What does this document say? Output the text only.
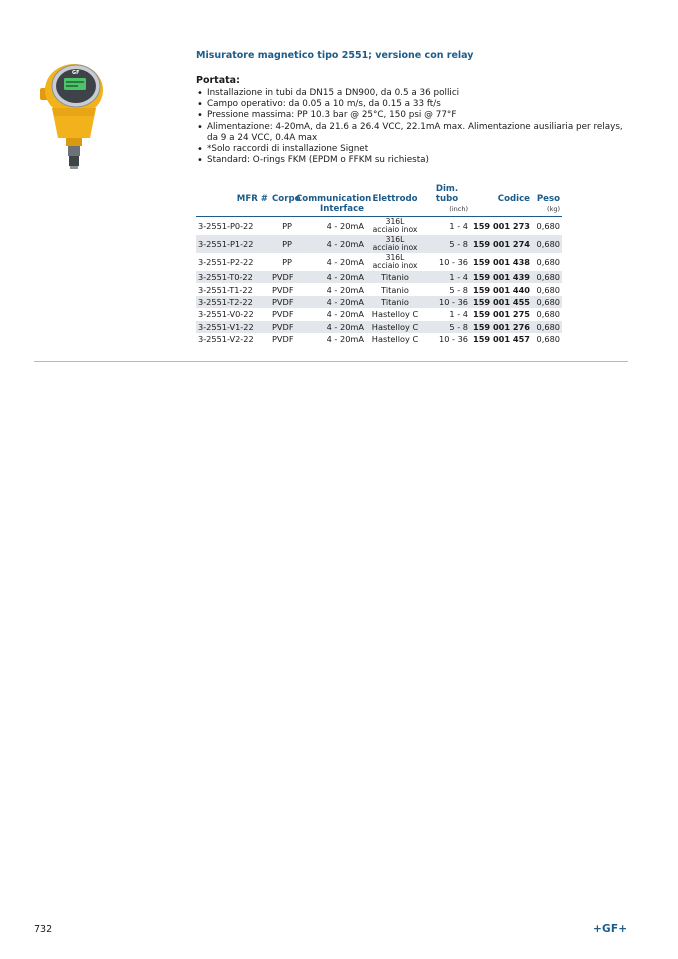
GF
Misuratore magnetico tipo 2551; versione con relay
Portata:
• Installazione in tubi da DN15 a DN900, da 0.5 a 36 pollici
• Campo operativo: da 0.05 a 10 m/s, da 0.15 a 33 ft/s
• Pressione massima: PP 10.3 bar @ 25°C, 150 psi @ 77°F
• Alimentazione: 4-20mA, da 21.6 a 26.4 VCC, 22.1mA max. Alimentazione ausiliaria per relays, da 9 a 24 VCC, 0.4A max
• *Solo raccordi di installazione Signet
• Standard: O-rings FKM (EPDM o FFKM su richiesta)
MFR #	Corpo	Communication	Elettrodo	Dim. tubo	Codice	Peso
		Interface		(inch)		(kg)
3-2551-P0-22	PP	4 - 20mA	316L
acciaio inox	1 - 4	159 001 273	0,680
3-2551-P1-22	PP	4 - 20mA	316L
acciaio inox	5 - 8	159 001 274	0,680
3-2551-P2-22	PP	4 - 20mA	316L
acciaio inox	10 - 36	159 001 438	0,680
3-2551-T0-22	PVDF	4 - 20mA	Titanio	1 - 4	159 001 439	0,680
3-2551-T1-22	PVDF	4 - 20mA	Titanio	5 - 8	159 001 440	0,680
3-2551-T2-22	PVDF	4 - 20mA	Titanio	10 - 36	159 001 455	0,680
3-2551-V0-22	PVDF	4 - 20mA	Hastelloy C	1 - 4	159 001 275	0,680
3-2551-V1-22	PVDF	4 - 20mA	Hastelloy C	5 - 8	159 001 276	0,680
3-2551-V2-22	PVDF	4 - 20mA	Hastelloy C	10 - 36	159 001 457	0,680
732	+GF+
